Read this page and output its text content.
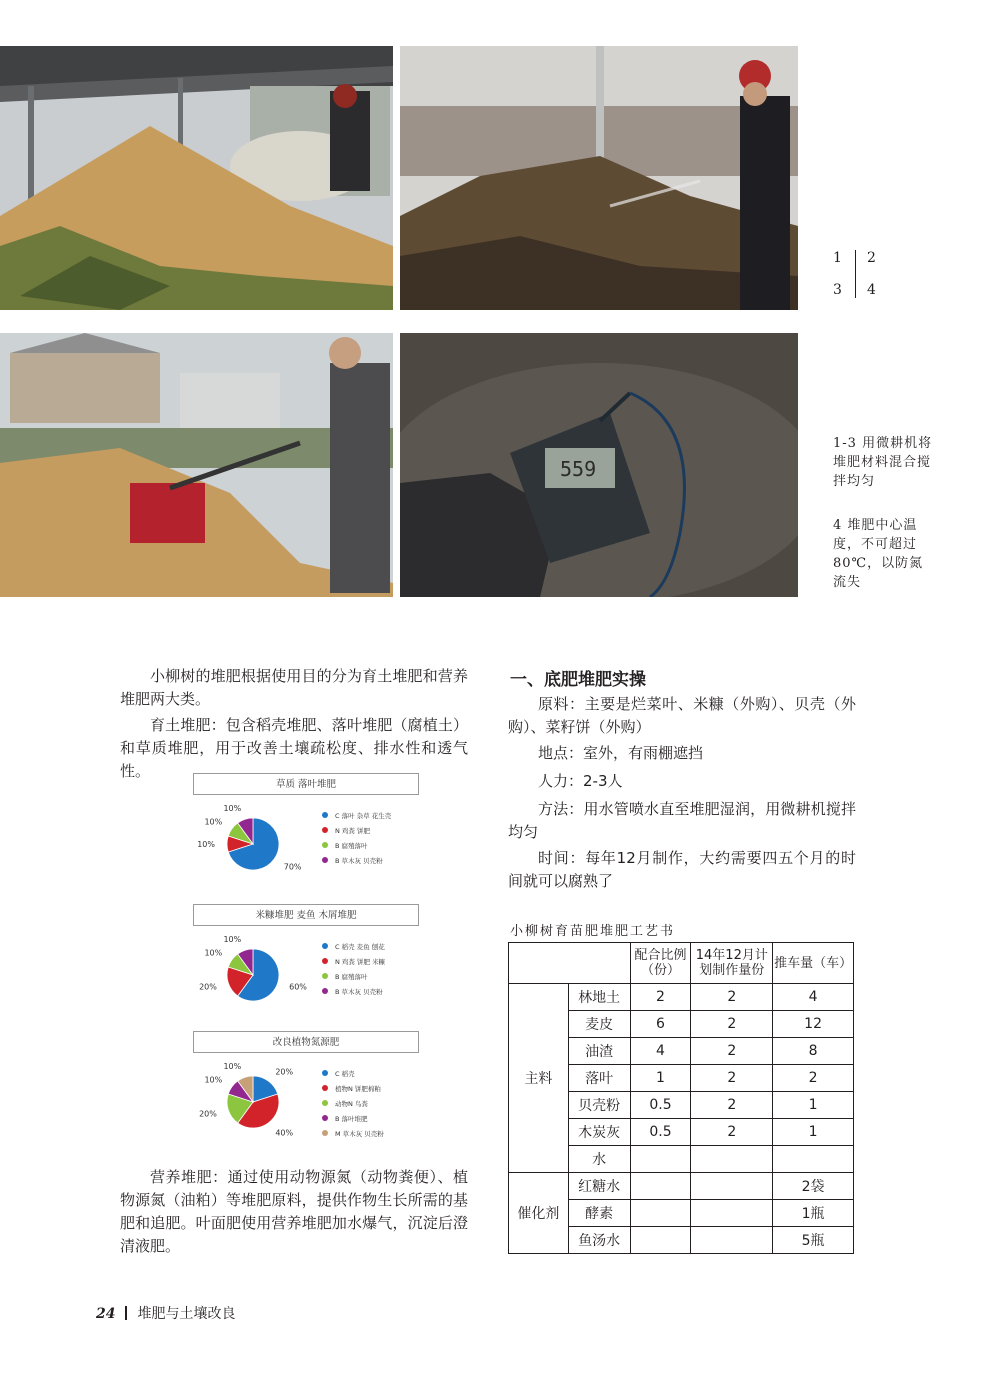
559
1 2
3 4
1-3 用微耕机将堆肥材料混合搅拌均匀
4 堆肥中心温度，不可超过80℃，以防氮流失

小柳树的堆肥根据使用目的分为育土堆肥和营养堆肥两大类。

育土堆肥：包含稻壳堆肥、落叶堆肥（腐植土）和草质堆肥，用于改善土壤疏松度、排水性和透气性。

草质 落叶堆肥
70%
C 落叶 杂草 花生壳
10%
N 鸡粪 饼肥
10%
B 腐殖落叶
10%
B 草木灰 贝壳粉
米糠堆肥 麦鱼 木屑堆肥
60%
C 稻壳 麦鱼 刨花
20%
N 鸡粪 饼肥 米糠
10%
B 腐殖落叶
10%
B 草木灰 贝壳粉
改良植物氮源肥
20%	C 稻壳
40%
植物N 饼肥棉粕
20%
动物N 鸟粪
10%
B 落叶堆肥
10%
M 草木灰 贝壳粉

营养堆肥：通过使用动物源氮（动物粪便）、植物源氮（油粕）等堆肥原料，提供作物生长所需的基肥和追肥。叶面肥使用营养堆肥加水爆气，沉淀后澄清液肥。

一、底肥堆肥实操

原料：主要是烂菜叶、米糠（外购）、贝壳（外购）、菜籽饼（外购）

地点：室外，有雨棚遮挡

人力：2-3人

方法：用水管喷水直至堆肥湿润，用微耕机搅拌均匀

时间：每年12月制作，大约需要四五个月的时间就可以腐熟了

小柳树育苗肥堆肥工艺书
		配合比例（份）	14年12月计划制作量份	推车量（车）
主料	林地土	2	2	4
	麦皮	6	2	12
	油渣	4	2	8
	落叶	1	2	2
	贝壳粉	0.5	2	1
	木炭灰	0.5	2	1
	水			
催化剂	红糖水			2袋
	酵素			1瓶
	鱼汤水			5瓶
24 堆肥与土壤改良
